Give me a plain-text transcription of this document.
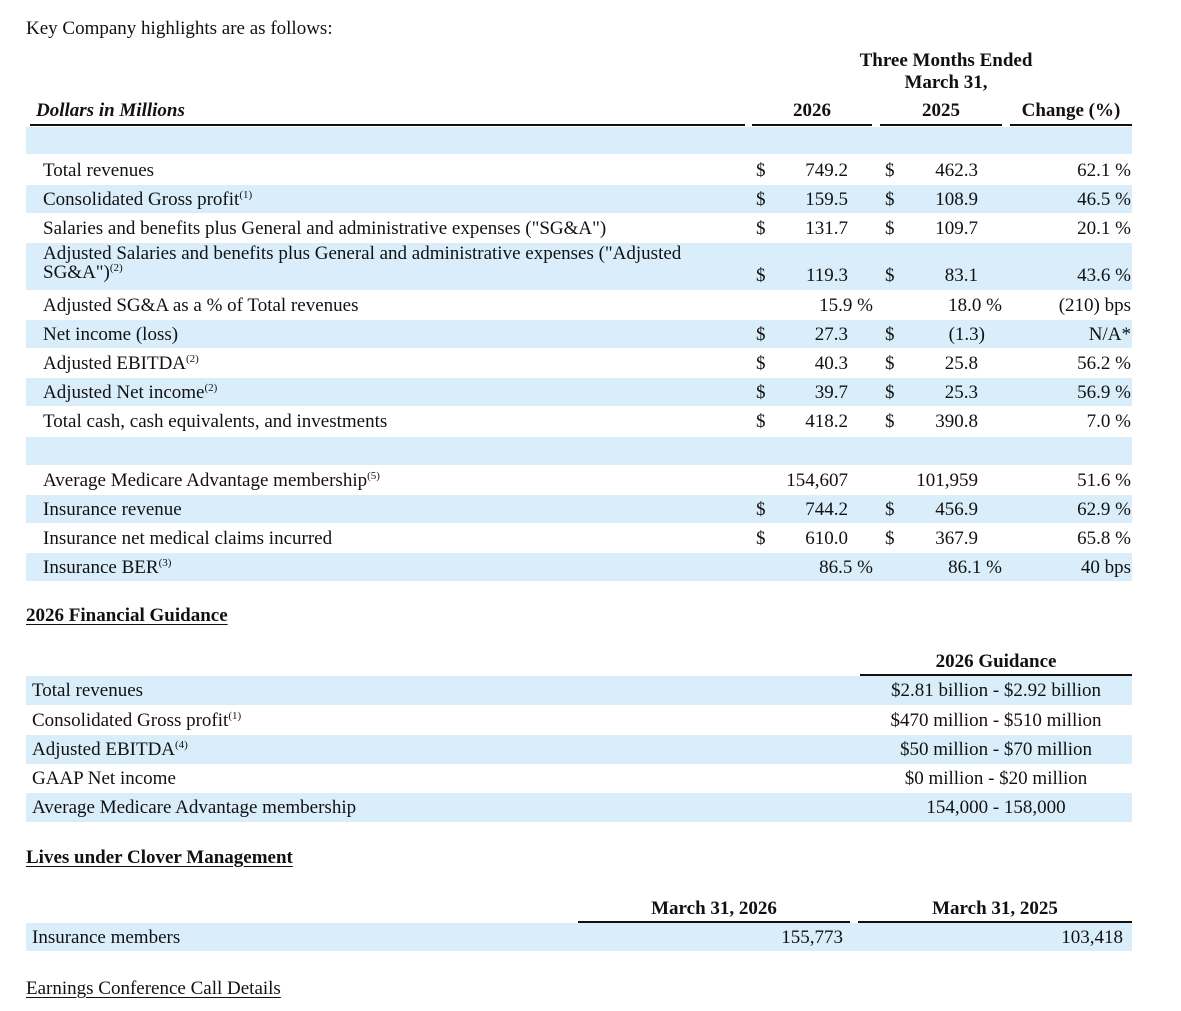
Key Company highlights are as follows:
Three Months Ended
March 31,
Dollars in Millions	2026	2025	Change (%)
Total revenues	$	749.2 $	462.3	62.1 %
Consolidated Gross profit$^{(1)}$	$	159.5 $	108.9	46.5 %
Salaries and benefits plus General and administrative expenses ("SG&A")	$	131.7 $	109.7	20.1 %
Adjusted Salaries and benefits plus General and administrative expenses ("Adjusted
SG&A")$^{(2)}$	$	119.3 $	83.1	43.6 %
Adjusted SG&A as a % of Total revenues	15.9 %	18.0 %	(210) bps
Net income (loss)	$	27.3 $	(1.3)	N/A*
Adjusted EBITDA$^{(2)}$	$	40.3 $	25.8	56.2 %
Adjusted Net income$^{(2)}$	$	39.7 $	25.3	56.9 %
Total cash, cash equivalents, and investments	$	418.2 $	390.8	7.0 %
Average Medicare Advantage membership$^{(5)}$	154,607	101,959	51.6 %
Insurance revenue	$	744.2 $	456.9	62.9 %
Insurance net medical claims incurred	$	610.0 $	367.9	65.8 %
Insurance BER$^{(3)}$	86.5 %	86.1 %	40 bps
2026 Financial Guidance
2026 Guidance
Total revenues	$2.81 billion - $2.92 billion
Consolidated Gross profit$^{(1)}$	$470 million - $510 million
Adjusted EBITDA$^{(4)}$	$50 million - $70 million
GAAP Net income	$0 million - $20 million
Average Medicare Advantage membership	154,000 - 158,000
Lives under Clover Management
March 31, 2026	March 31, 2025
Insurance members	155,773	103,418
Earnings Conference Call Details
